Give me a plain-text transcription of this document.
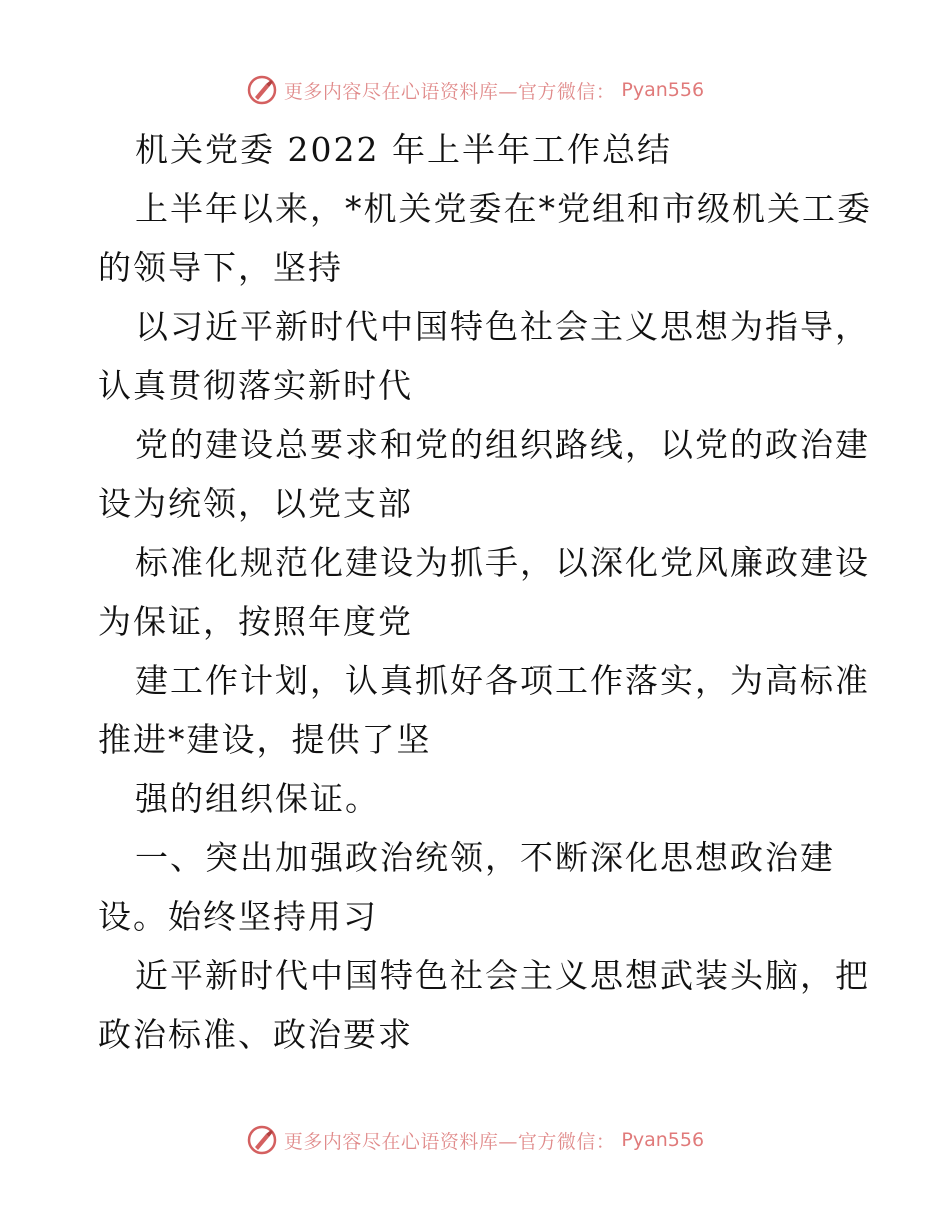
更多内容尽在心语资料库—官方微信： Pyan556
机关党委 2022 年上半年工作总结
上半年以来，*机关党委在*党组和市级机关工委
的领导下，坚持
以习近平新时代中国特色社会主义思想为指导，
认真贯彻落实新时代
党的建设总要求和党的组织路线，以党的政治建
设为统领，以党支部
标准化规范化建设为抓手，以深化党风廉政建设
为保证，按照年度党
建工作计划，认真抓好各项工作落实，为高标准
推进*建设，提供了坚
强的组织保证。
一、突出加强政治统领，不断深化思想政治建
设。始终坚持用习
近平新时代中国特色社会主义思想武装头脑，把
政治标准、政治要求
更多内容尽在心语资料库—官方微信： Pyan556
